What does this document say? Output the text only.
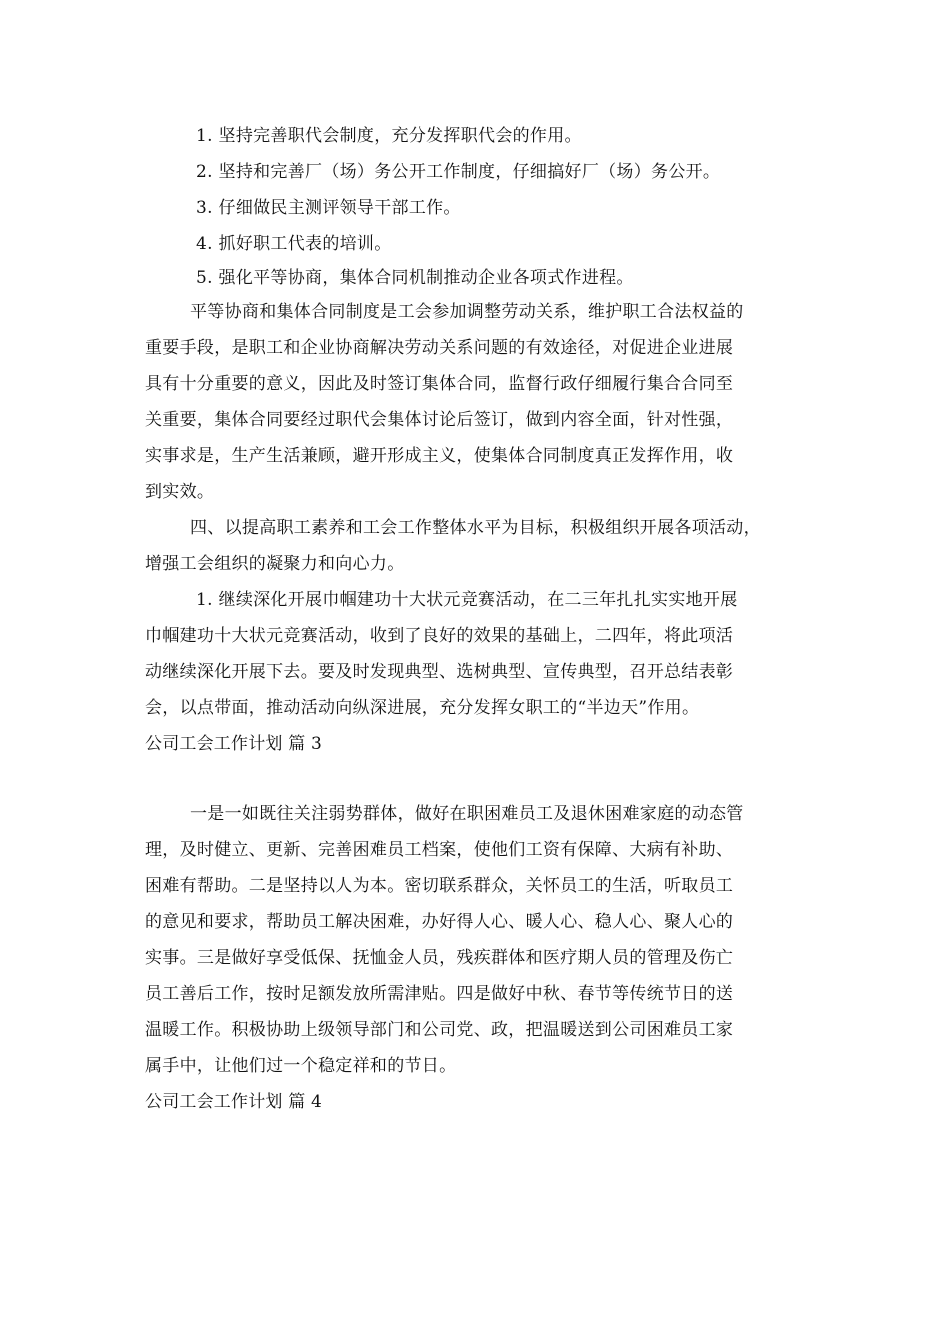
1. 坚持完善职代会制度，充分发挥职代会的作用。

2. 坚持和完善厂（场）务公开工作制度，仔细搞好厂（场）务公开。

3. 仔细做民主测评领导干部工作。

4. 抓好职工代表的培训。

5. 强化平等协商，集体合同机制推动企业各项式作进程。

平等协商和集体合同制度是工会参加调整劳动关系，维护职工合法权益的

重要手段，是职工和企业协商解决劳动关系问题的有效途径，对促进企业进展

具有十分重要的意义，因此及时签订集体合同，监督行政仔细履行集合合同至

关重要，集体合同要经过职代会集体讨论后签订，做到内容全面，针对性强，

实事求是，生产生活兼顾，避开形成主义，使集体合同制度真正发挥作用，收

到实效。

四、以提高职工素养和工会工作整体水平为目标，积极组织开展各项活动，

增强工会组织的凝聚力和向心力。

1. 继续深化开展巾帼建功十大状元竞赛活动，在二三年扎扎实实地开展

巾帼建功十大状元竞赛活动，收到了良好的效果的基础上，二四年，将此项活

动继续深化开展下去。要及时发现典型、选树典型、宣传典型，召开总结表彰

会，以点带面，推动活动向纵深进展，充分发挥女职工的“半边天”作用。

公司工会工作计划 篇 3

一是一如既往关注弱势群体，做好在职困难员工及退休困难家庭的动态管

理，及时健立、更新、完善困难员工档案，使他们工资有保障、大病有补助、

困难有帮助。二是坚持以人为本。密切联系群众，关怀员工的生活，听取员工

的意见和要求，帮助员工解决困难，办好得人心、暖人心、稳人心、聚人心的

实事。三是做好享受低保、抚恤金人员，残疾群体和医疗期人员的管理及伤亡

员工善后工作，按时足额发放所需津贴。四是做好中秋、春节等传统节日的送

温暖工作。积极协助上级领导部门和公司党、政，把温暖送到公司困难员工家

属手中，让他们过一个稳定祥和的节日。

公司工会工作计划 篇 4
